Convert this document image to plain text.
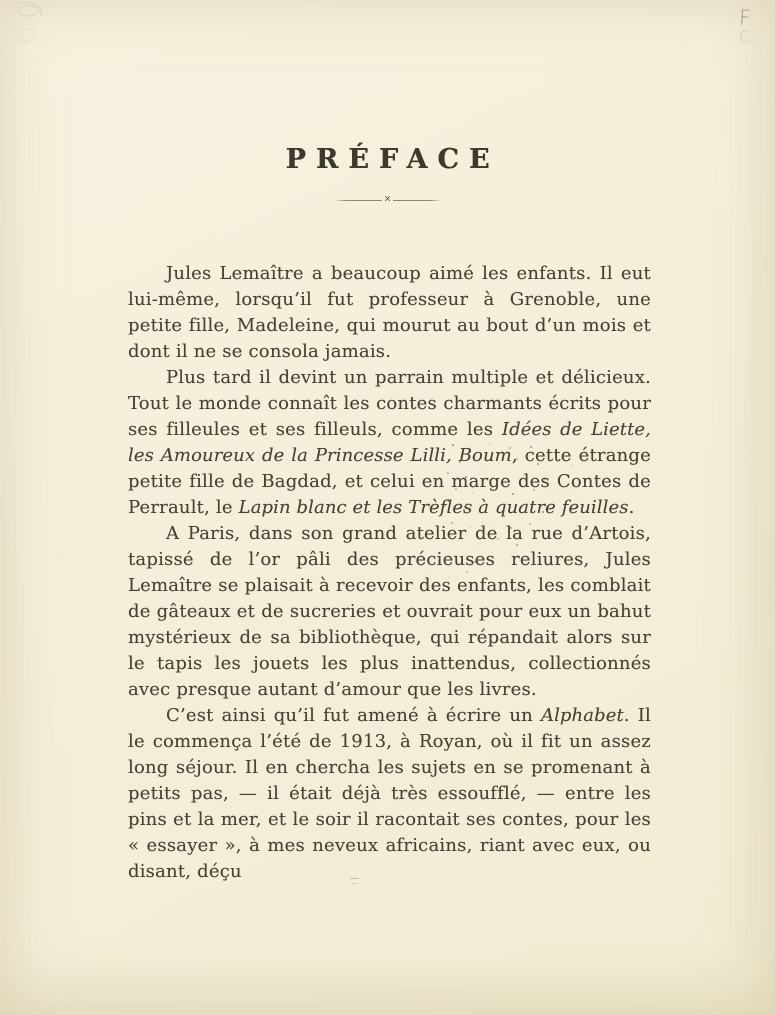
F
C
PRÉFACE
×

Jules Lemaître a beaucoup aimé les enfants. Il eut lui-même, lorsqu’il fut professeur à Grenoble, une petite fille, Madeleine, qui mourut au bout d’un mois et dont il ne se consola jamais.

Plus tard il devint un parrain multiple et délicieux. Tout le monde connaît les contes charmants écrits pour ses filleules et ses filleuls, comme les Idées de Liette, les Amoureux de la Princesse Lilli, Boum, cette étrange petite fille de Bagdad, et celui en marge des Contes de Perrault, le Lapin blanc et les Trèfles à quatre feuilles.

A Paris, dans son grand atelier de la rue d’Artois, tapissé de l’or pâli des précieuses reliures, Jules Lemaître se plaisait à recevoir des enfants, les comblait de gâteaux et de sucreries et ouvrait pour eux un bahut mystérieux de sa bibliothèque, qui répandait alors sur le tapis les jouets les plus inattendus, collectionnés avec presque autant d’amour que les livres.

C’est ainsi qu’il fut amené à écrire un Alphabet. Il le commença l’été de 1913, à Royan, où il fit un assez long séjour. Il en chercha les sujets en se promenant à petits pas, — il était déjà très essoufflé, — entre les pins et la mer, et le soir il racontait ses contes, pour les « essayer », à mes neveux africains, riant avec eux, ou disant, déçu
